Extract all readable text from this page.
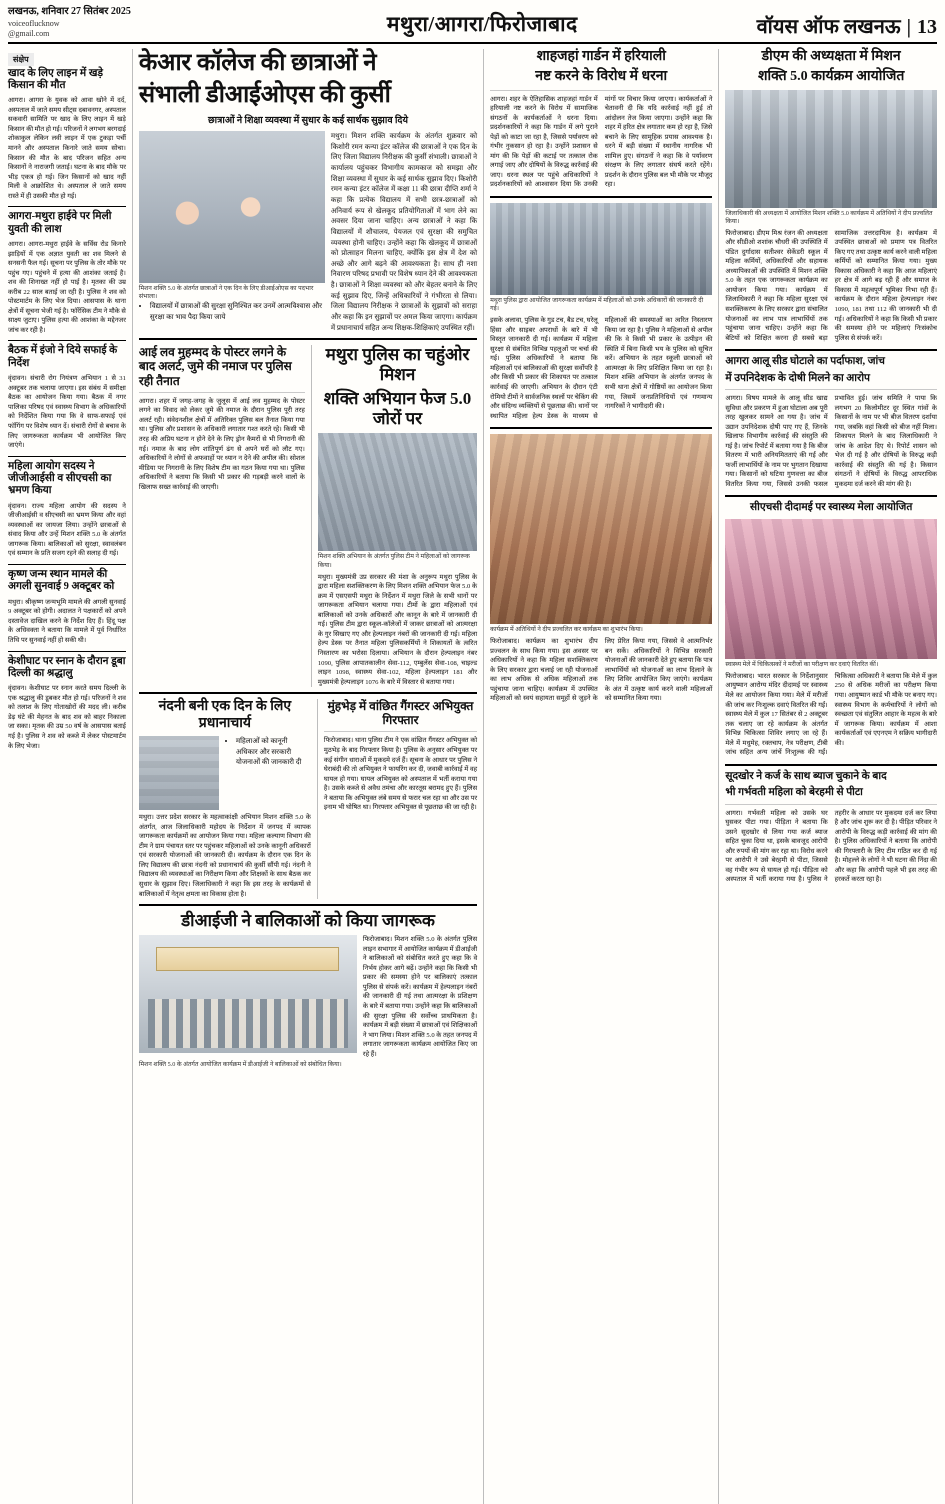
लखनऊ, शनिवार 27 सितंबर 2025
voiceoflucknow
@gmail.com	मथुरा/आगरा/फिरोजाबाद	वॉयस ऑफ लखनऊ | 13
संक्षेप
खाद के लिए लाइन में खड़े किसान की मौत
आगरा। आगरा के युवक को आवा खोने में दर्द, अस्पताल में जाते समय सीट्स दबावनगर, अस्पताल सकवारी सामिति पर खाद के लिए लाइन में खड़े किसान की मौत हो गई। परिजनों ने लगभग बरगदाई शोकाकुल लेकिन लवी लाइन में एक टुकड़ा पर्ची मानने और अस्पताल किनारे जाते समय सोचा। किसान की मौत के बाद परिजन सहित अन्य किसानों ने नाराजगी जताई। घटना के बाद मौके पर भीड़ एकत्र हो गई। जिन किसानों को खाद नहीं मिली वे आक्रोशित थे। अस्पताल ले जाते समय रास्ते में ही उसकी मौत हो गई।
आगरा-मथुरा हाईवे पर मिली युवती की लाश
आगरा। आगरा-मथुरा हाईवे के सर्विस रोड किनारे झाड़ियों में एक अज्ञात युवती का शव मिलने से सनसनी फैल गई। सूचना पर पुलिस के तोर मौके पर पहुंच गए। पहुंचने में हत्या की आशंका जताई है। शव की शिनाख्त नहीं हो पाई है। मृतका की उम्र करीब 22 साल बताई जा रही है। पुलिस ने शव को पोस्टमार्टम के लिए भेज दिया। आसपास के थाना क्षेत्रों में सूचना भेजी गई है। फॉरेंसिक टीम ने मौके से साक्ष्य जुटाए। पुलिस हत्या की आशंका के मद्देनजर जांच कर रही है।
बैठक में इंजो ने दिये सफाई के निर्देश
वृंदावन। संचारी रोग नियंत्रण अभियान 1 से 31 अक्टूबर तक चलाया जाएगा। इस संबंध में समीक्षा बैठक का आयोजन किया गया। बैठक में नगर पालिका परिषद एवं स्वास्थ्य विभाग के अधिकारियों को निर्देशित किया गया कि वे साफ-सफाई एवं फॉगिंग पर विशेष ध्यान दें। संचारी रोगों से बचाव के लिए जागरूकता कार्यक्रम भी आयोजित किए जाएंगे।
महिला आयोग सदस्य ने जीजीआईसी व सीएचसी का भ्रमण किया
वृंदावन। राज्य महिला आयोग की सदस्य ने जीजीआईसी व सीएचसी का भ्रमण किया और वहां व्यवस्थाओं का जायजा लिया। उन्होंने छात्राओं से संवाद किया और उन्हें मिशन शक्ति 5.0 के अंतर्गत जागरूक किया। बालिकाओं को सुरक्षा, स्वावलंबन एवं सम्मान के प्रति सजग रहने की सलाह दी गई।
कृष्ण जन्म स्थान मामले की अगली सुनवाई 9 अक्टूबर को
मथुरा। श्रीकृष्ण जन्मभूमि मामले की अगली सुनवाई 9 अक्टूबर को होगी। अदालत ने पक्षकारों को अपने दस्तावेज दाखिल करने के निर्देश दिए हैं। हिंदू पक्ष के अधिवक्ता ने बताया कि मामले में पूर्व निर्धारित तिथि पर सुनवाई नहीं हो सकी थी।
केशीघाट पर स्नान के दौरान डूबा दिल्ली का श्रद्धालु
वृंदावन। केशीघाट पर स्नान करते समय दिल्ली के एक श्रद्धालु की डूबकर मौत हो गई। परिजनों ने शव को तलाश के लिए गोताखोरों की मदद ली। करीब डेढ़ घंटे की मेहनत के बाद शव को बाहर निकाला जा सका। मृतक की उम्र 50 वर्ष के आसपास बताई गई है। पुलिस ने शव को कब्जे में लेकर पोस्टमार्टम के लिए भेजा।
केआर कॉलेज की छात्राओं ने
संभाली डीआईओएस की कुर्सी
छात्राओं ने शिक्षा व्यवस्था में सुधार के कई सार्थक सुझाव दिये
मिशन शक्ति 5.0 के अंतर्गत छात्राओं ने एक दिन के लिए डीआईओएस का पदभार संभाला।
• विद्यालयों में छात्राओं की सुरक्षा सुनिश्चित कर उनमें आत्मविश्वास और सुरक्षा का भाव पैदा किया जाये
मथुरा। मिशन शक्ति कार्यक्रम के अंतर्गत शुक्रवार को किशोरी रमन कन्या इंटर कॉलेज की छात्राओं ने एक दिन के लिए जिला विद्यालय निरीक्षक की कुर्सी संभाली। छात्राओं ने कार्यालय पहुंचकर विभागीय कामकाज को समझा और शिक्षा व्यवस्था में सुधार के कई सार्थक सुझाव दिए। किशोरी रमन कन्या इंटर कॉलेज में कक्षा 11 की छात्रा दीप्ति शर्मा ने कहा कि प्रत्येक विद्यालय में सभी छात्र-छात्राओं को अनिवार्य रूप से खेलकूद प्रतियोगिताओं में भाग लेने का अवसर दिया जाना चाहिए। अन्य छात्राओं ने कहा कि विद्यालयों में शौचालय, पेयजल एवं सुरक्षा की समुचित व्यवस्था होनी चाहिए। उन्होंने कहा कि खेलकूद में छात्राओं को प्रोत्साहन मिलना चाहिए, क्योंकि इस क्षेत्र में देश को अच्छे और आगे बढ़ने की आवश्यकता है। साथ ही नशा निवारण परिषद प्रभावी पर विशेष ध्यान देने की आवश्यकता है। छात्राओं ने शिक्षा व्यवस्था को और बेहतर बनाने के लिए कई सुझाव दिए, जिन्हें अधिकारियों ने गंभीरता से लिया। जिला विद्यालय निरीक्षक ने छात्राओं के सुझावों को सराहा और कहा कि इन सुझावों पर अमल किया जाएगा। कार्यक्रम में प्रधानाचार्य सहित अन्य शिक्षक-शिक्षिकाएं उपस्थित रहीं।
आई लव मुहम्मद के पोस्टर लगने के बाद अलर्ट, जुमे की नमाज पर पुलिस रही तैनात
आगरा। शहर में जगह-जगह के जुलूस में आई लव मुहम्मद के पोस्टर लगने का विवाद को लेकर जुमे की नमाज के दौरान पुलिस पूरी तरह अलर्ट रही। संवेदनशील क्षेत्रों में अतिरिक्त पुलिस बल तैनात किया गया था। पुलिस और प्रशासन के अधिकारी लगातार गश्त करते रहे। किसी भी तरह की अप्रिय घटना न होने देने के लिए ड्रोन कैमरों से भी निगरानी की गई। नमाज के बाद लोग शांतिपूर्ण ढंग से अपने घरों को लौट गए। अधिकारियों ने लोगों से अफवाहों पर ध्यान न देने की अपील की। सोशल मीडिया पर निगरानी के लिए विशेष टीम का गठन किया गया था। पुलिस अधिकारियों ने बताया कि किसी भी प्रकार की गड़बड़ी करने वालों के खिलाफ सख्त कार्रवाई की जाएगी।
मथुरा पुलिस का चहुंओर मिशन
शक्ति अभियान फेज 5.0 जोरों पर
मिशन शक्ति अभियान के अंतर्गत पुलिस टीम ने महिलाओं को जागरूक किया।
मथुरा। मुख्यमंत्री उप्र सरकार की मंशा के अनुरूप मथुरा पुलिस के द्वारा महिला सशक्तिकरण के लिए मिशन शक्ति अभियान फेज 5.0 के क्रम में एसएसपी मथुरा के निर्देशन में मथुरा जिले के सभी थानों पर जागरूकता अभियान चलाया गया। टीमों के द्वारा महिलाओं एवं बालिकाओं को उनके अधिकारों और कानून के बारे में जानकारी दी गई। पुलिस टीम द्वारा स्कूल-कॉलेजों में जाकर छात्राओं को आत्मरक्षा के गुर सिखाए गए और हेल्पलाइन नंबरों की जानकारी दी गई। महिला हेल्प डेस्क पर तैनात महिला पुलिसकर्मियों ने शिकायतों के त्वरित निस्तारण का भरोसा दिलाया। अभियान के दौरान हेल्पलाइन नंबर 1090, पुलिस आपातकालीन सेवा-112, एम्बुलेंस सेवा-108, चाइल्ड लाइन 1098, स्वास्थ्य सेवा-102, महिला हेल्पलाइन 181 और मुख्यमंत्री हेल्पलाइन 1076 के बारे में विस्तार से बताया गया।
नंदनी बनी एक दिन के लिए प्रधानाचार्य
• महिलाओं को कानूनी अधिकार और सरकारी योजनाओं की जानकारी दी
मथुरा। उत्तर प्रदेश सरकार के महत्वाकांक्षी अभियान मिशन शक्ति 5.0 के अंतर्गत, आज जिलाधिकारी महोदय के निर्देशन में जनपद में व्यापक जागरूकता कार्यक्रमों का आयोजन किया गया। महिला कल्याण विभाग की टीम ने ग्राम पंचायत स्तर पर पहुंचकर महिलाओं को उनके कानूनी अधिकारों एवं सरकारी योजनाओं की जानकारी दी। कार्यक्रम के दौरान एक दिन के लिए विद्यालय की छात्रा नंदनी को प्रधानाचार्य की कुर्सी सौंपी गई। नंदनी ने विद्यालय की व्यवस्थाओं का निरीक्षण किया और शिक्षकों के साथ बैठक कर सुधार के सुझाव दिए। जिलाधिकारी ने कहा कि इस तरह के कार्यक्रमों से बालिकाओं में नेतृत्व क्षमता का विकास होता है।
मुंहभेड़ में वांछित गैंगस्टर अभियुक्त गिरफ्तार
फिरोजाबाद। थाना पुलिस टीम ने एक वांछित गैंगस्टर अभियुक्त को मुठभेड़ के बाद गिरफ्तार किया है। पुलिस के अनुसार अभियुक्त पर कई संगीन धाराओं में मुकदमे दर्ज हैं। सूचना के आधार पर पुलिस ने घेराबंदी की तो अभियुक्त ने फायरिंग कर दी, जवाबी कार्रवाई में वह घायल हो गया। घायल अभियुक्त को अस्पताल में भर्ती कराया गया है। उसके कब्जे से अवैध तमंचा और कारतूस बरामद हुए हैं। पुलिस ने बताया कि अभियुक्त लंबे समय से फरार चल रहा था और उस पर इनाम भी घोषित था। गिरफ्तार अभियुक्त से पूछताछ की जा रही है।
डीआईजी ने बालिकाओं को किया जागरूक
फिरोजाबाद। मिशन शक्ति 5.0 के अंतर्गत पुलिस लाइन सभागार में आयोजित कार्यक्रम में डीआईजी ने बालिकाओं को संबोधित करते हुए कहा कि वे निर्भय होकर आगे बढ़ें। उन्होंने कहा कि किसी भी प्रकार की समस्या होने पर बालिकाएं तत्काल पुलिस से संपर्क करें। कार्यक्रम में हेल्पलाइन नंबरों की जानकारी दी गई तथा आत्मरक्षा के प्रशिक्षण के बारे में बताया गया। उन्होंने कहा कि बालिकाओं की सुरक्षा पुलिस की सर्वोच्च प्राथमिकता है। कार्यक्रम में बड़ी संख्या में छात्राओं एवं शिक्षिकाओं ने भाग लिया। मिशन शक्ति 5.0 के तहत जनपद में लगातार जागरूकता कार्यक्रम आयोजित किए जा रहे हैं।
मिशन शक्ति 5.0 के अंतर्गत आयोजित कार्यक्रम में डीआईजी ने बालिकाओं को संबोधित किया।
शाहजहां गार्डन में हरियाली
नष्ट करने के विरोध में धरना
आगरा। शहर के ऐतिहासिक शाहजहां गार्डन में हरियाली नष्ट करने के विरोध में सामाजिक संगठनों के कार्यकर्ताओं ने धरना दिया। प्रदर्शनकारियों ने कहा कि गार्डन में लगे पुराने पेड़ों को काटा जा रहा है, जिससे पर्यावरण को गंभीर नुकसान हो रहा है। उन्होंने प्रशासन से मांग की कि पेड़ों की कटाई पर तत्काल रोक लगाई जाए और दोषियों के विरुद्ध कार्रवाई की जाए। धरना स्थल पर पहुंचे अधिकारियों ने प्रदर्शनकारियों को आश्वासन दिया कि उनकी मांगों पर विचार किया जाएगा। कार्यकर्ताओं ने चेतावनी दी कि यदि कार्रवाई नहीं हुई तो आंदोलन तेज किया जाएगा। उन्होंने कहा कि शहर में हरित क्षेत्र लगातार कम हो रहा है, जिसे बचाने के लिए सामूहिक प्रयास आवश्यक है। धरने में बड़ी संख्या में स्थानीय नागरिक भी शामिल हुए। संगठनों ने कहा कि वे पर्यावरण संरक्षण के लिए लगातार संघर्ष करते रहेंगे। प्रदर्शन के दौरान पुलिस बल भी मौके पर मौजूद रहा।
मथुरा पुलिस द्वारा आयोजित जागरूकता कार्यक्रम में महिलाओं को उनके अधिकारों की जानकारी दी गई।
इसके अलावा, पुलिस के गुड टच, बैड टच, घरेलू हिंसा और साइबर अपराधों के बारे में भी विस्तृत जानकारी दी गई। कार्यक्रम में महिला सुरक्षा से संबंधित विभिन्न पहलुओं पर चर्चा की गई। पुलिस अधिकारियों ने बताया कि महिलाओं एवं बालिकाओं की सुरक्षा सर्वोपरि है और किसी भी प्रकार की शिकायत पर तत्काल कार्रवाई की जाएगी। अभियान के दौरान एंटी रोमियो टीमों ने सार्वजनिक स्थलों पर चेकिंग की और संदिग्ध व्यक्तियों से पूछताछ की। थानों पर स्थापित महिला हेल्प डेस्क के माध्यम से महिलाओं की समस्याओं का त्वरित निस्तारण किया जा रहा है। पुलिस ने महिलाओं से अपील की कि वे किसी भी प्रकार के उत्पीड़न की स्थिति में बिना किसी भय के पुलिस को सूचित करें। अभियान के तहत स्कूली छात्राओं को आत्मरक्षा के लिए प्रशिक्षित किया जा रहा है। मिशन शक्ति अभियान के अंतर्गत जनपद के सभी थाना क्षेत्रों में गोष्ठियों का आयोजन किया गया, जिसमें जनप्रतिनिधियों एवं गणमान्य नागरिकों ने भागीदारी की।
कार्यक्रम में अतिथियों ने दीप प्रज्वलित कर कार्यक्रम का शुभारंभ किया।
फिरोजाबाद। कार्यक्रम का शुभारंभ दीप प्रज्वलन के साथ किया गया। इस अवसर पर अधिकारियों ने कहा कि महिला सशक्तिकरण के लिए सरकार द्वारा चलाई जा रही योजनाओं का लाभ अधिक से अधिक महिलाओं तक पहुंचाया जाना चाहिए। कार्यक्रम में उपस्थित महिलाओं को स्वयं सहायता समूहों से जुड़ने के लिए प्रेरित किया गया, जिससे वे आत्मनिर्भर बन सकें। अधिकारियों ने विभिन्न सरकारी योजनाओं की जानकारी देते हुए बताया कि पात्र लाभार्थियों को योजनाओं का लाभ दिलाने के लिए शिविर आयोजित किए जाएंगे। कार्यक्रम के अंत में उत्कृष्ट कार्य करने वाली महिलाओं को सम्मानित किया गया।
डीएम की अध्यक्षता में मिशन
शक्ति 5.0 कार्यक्रम आयोजित
जिलाधिकारी की अध्यक्षता में आयोजित मिशन शक्ति 5.0 कार्यक्रम में अतिथियों ने दीप प्रज्वलित किया।
फिरोजाबाद। डीएम मिश्र रंजन की अध्यक्षता और सीडीओ शशांक चौधरी की उपस्थिति में पंडित दुर्गादास सतीश्वर सेकेंडरी स्कूल में महिला कर्मियों, अधिकारियों और सहायक अध्यापिकाओं की उपस्थिति में मिशन शक्ति 5.0 के तहत एक जागरूकता कार्यक्रम का आयोजन किया गया। कार्यक्रम में जिलाधिकारी ने कहा कि महिला सुरक्षा एवं सशक्तिकरण के लिए सरकार द्वारा संचालित योजनाओं का लाभ पात्र लाभार्थियों तक पहुंचाया जाना चाहिए। उन्होंने कहा कि बेटियों को शिक्षित करना ही सबसे बड़ा सामाजिक उत्तरदायित्व है। कार्यक्रम में उपस्थित छात्राओं को प्रमाण पत्र वितरित किए गए तथा उत्कृष्ट कार्य करने वाली महिला कर्मियों को सम्मानित किया गया। मुख्य विकास अधिकारी ने कहा कि आज महिलाएं हर क्षेत्र में आगे बढ़ रही हैं और समाज के विकास में महत्वपूर्ण भूमिका निभा रही हैं। कार्यक्रम के दौरान महिला हेल्पलाइन नंबर 1090, 181 तथा 112 की जानकारी भी दी गई। अधिकारियों ने कहा कि किसी भी प्रकार की समस्या होने पर महिलाएं निःसंकोच पुलिस से संपर्क करें।
आगरा आलू सीड घोटाले का पर्दाफाश, जांच
में उपनिदेशक के दोषी मिलने का आरोप
आगरा। विषय मामले के आलू सीड खाद्य सुविधा और प्रकरण में हुआ घोटाला अब पूरी तरह खुलकर सामने आ गया है। जांच में उद्यान उपनिदेशक दोषी पाए गए हैं, जिनके खिलाफ विभागीय कार्रवाई की संस्तुति की गई है। जांच रिपोर्ट में बताया गया है कि बीज वितरण में भारी अनियमितताएं की गईं और फर्जी लाभार्थियों के नाम पर भुगतान दिखाया गया। किसानों को घटिया गुणवत्ता का बीज वितरित किया गया, जिससे उनकी फसल प्रभावित हुई। जांच समिति ने पाया कि लगभग 20 किलोमीटर दूर स्थित गांवों के किसानों के नाम पर भी बीज वितरण दर्शाया गया, जबकि वहां किसी को बीज नहीं मिला। शिकायत मिलने के बाद जिलाधिकारी ने जांच के आदेश दिए थे। रिपोर्ट शासन को भेज दी गई है और दोषियों के विरुद्ध कड़ी कार्रवाई की संस्तुति की गई है। किसान संगठनों ने दोषियों के विरुद्ध आपराधिक मुकदमा दर्ज करने की मांग की है।
सीएचसी दीदामई पर स्वास्थ्य मेला आयोजित
स्वास्थ्य मेले में चिकित्सकों ने मरीजों का परीक्षण कर दवाएं वितरित कीं।
फिरोजाबाद। भारत सरकार के निर्देशानुसार आयुष्मान आरोग्य मंदिर दीदामई पर स्वास्थ्य मेले का आयोजन किया गया। मेले में मरीजों की जांच कर निःशुल्क दवाएं वितरित की गईं। स्वास्थ्य मेले में कुल 17 सितंबर से 2 अक्टूबर तक चलाए जा रहे कार्यक्रम के अंतर्गत विभिन्न चिकित्सा शिविर लगाए जा रहे हैं। मेले में मधुमेह, रक्तचाप, नेत्र परीक्षण, टीबी जांच सहित अन्य जांचें निःशुल्क की गईं। चिकित्सा अधिकारी ने बताया कि मेले में कुल 250 से अधिक मरीजों का परीक्षण किया गया। आयुष्मान कार्ड भी मौके पर बनाए गए। स्वास्थ्य विभाग के कर्मचारियों ने लोगों को स्वच्छता एवं संतुलित आहार के महत्व के बारे में जागरूक किया। कार्यक्रम में आशा कार्यकर्ताओं एवं एएनएम ने सक्रिय भागीदारी की।
सूदखोर ने कर्ज के साथ ब्याज चुकाने के बाद
भी गर्भवती महिला को बेरहमी से पीटा
आगरा। गर्भवती महिला को उसके घर घुसकर पीटा गया। पीड़िता ने बताया कि उसने सूदखोर से लिया गया कर्ज ब्याज सहित चुका दिया था, इसके बावजूद आरोपी और रुपयों की मांग कर रहा था। विरोध करने पर आरोपी ने उसे बेरहमी से पीटा, जिससे वह गंभीर रूप से घायल हो गई। पीड़िता को अस्पताल में भर्ती कराया गया है। पुलिस ने तहरीर के आधार पर मुकदमा दर्ज कर लिया है और जांच शुरू कर दी है। पीड़ित परिवार ने आरोपी के विरुद्ध कड़ी कार्रवाई की मांग की है। पुलिस अधिकारियों ने बताया कि आरोपी की गिरफ्तारी के लिए टीम गठित कर दी गई है। मोहल्ले के लोगों ने भी घटना की निंदा की और कहा कि आरोपी पहले भी इस तरह की हरकतें करता रहा है।
